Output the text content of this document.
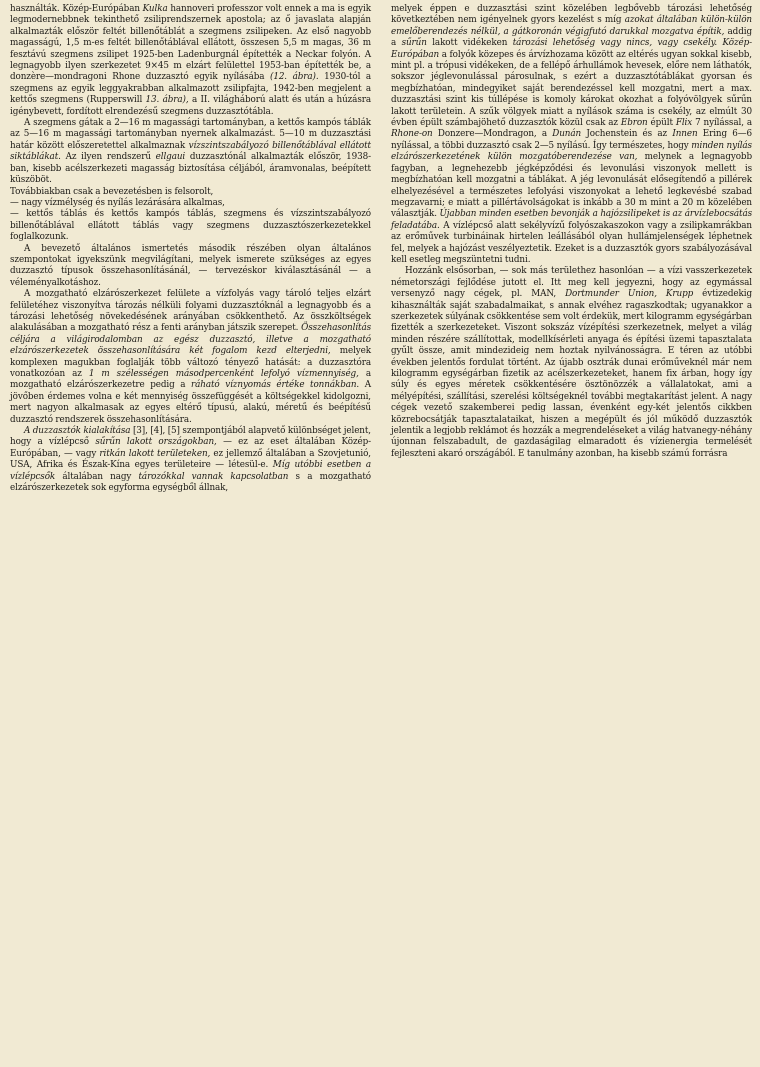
használták. Közép-Európában Kulka hannoveri professzor volt ennek a ma is egyik legmodernebbnek tekinthető zsiliprendszernek apostola; az ő javaslata alapján alkalmazták először feltét billenőtáblát a szegmens zsilipeken. Az első nagyobb magasságú, 1,5 m-es feltét billenőtáblával ellátott, összesen 5,5 m magas, 36 m fesztávú szegmens zsilipet 1925-ben Ladenburgnál építették a Neckar folyón. A legnagyobb ilyen szerkezetet 9×45 m elzárt felülettel 1953-ban építették be, a donzère—mondragoni Rhone duzzasztó egyik nyílásába (12. ábra). 1930-tól a szegmens az egyik leggyakrabban alkalmazott zsilipfajta, 1942-ben megjelent a kettős szegmens (Rupperswill 13. ábra), a II. világháború alatt és után a húzásra igénybevett, fordított elrendezésű szegmens duzzasztótábla.

A szegmens gátak a 2—16 m magassági tartományban, a kettős kampós táblák az 5—16 m magassági tartományban nyernek alkalmazást. 5—10 m duzzasztási határ között előszeretettel alkalmaznak vízszintszabályozó billenőtáblával ellátott siktáblákat. Az ilyen rendszerű ellgaui duzzasztónál alkalmazták először, 1938-ban, kisebb acélszerkezeti magasság biztosítása céljából, áramvonalas, beépített küszöböt.

Továbbiakban csak a bevezetésben is felsorolt,
— nagy vízmélység és nyílás lezárására alkalmas,
— kettős táblás és kettős kampós táblás, szegmens és vízszintszabályozó billenőtáblával ellátott táblás vagy szegmens duzzasztószerkezetekkel foglalkozunk.

A bevezető általános ismertetés második részében olyan általános szempontokat igyekszünk megvilágítani, melyek ismerete szükséges az egyes duzzasztó típusok összehasonlításánál, — tervezéskor kiválasztásánál — a véleményalkotáshoz.

A mozgatható elzárószerkezet felülete a vízfolyás vagy tároló teljes elzárt felületéhez viszonyítva tározás nélküli folyami duzzasztóknál a legnagyobb és a tározási lehetőség növekedésének arányában csökkenthető. Az összköltségek alakulásában a mozgatható rész a fenti arányban játszik szerepet. Összehasonlítás céljára a világirodalomban az egész duzzasztó, illetve a mozgatható elzárószerkezetek összehasonlítására két fogalom kezd elterjedni, melyek komplexen magukban foglalják több változó tényező hatását: a duzzasztóra vonatkozóan az 1 m szélességen másodpercenként lefolyó vízmennyiség, a mozgatható elzárószerkezetre pedig a ráható víznyomás értéke tonnákban. A jövőben érdemes volna e két mennyiség összefüggését a költségekkel kidolgozni, mert nagyon alkalmasak az egyes eltérő típusú, alakú, méretű és beépítésű duzzasztó rendszerek összehasonlítására.

A duzzasztók kialakítása [3], [4], [5] szempontjából alapvető különbséget jelent, hogy a vízlépcső sűrűn lakott országokban, — ez az eset általában Közép-Európában, — vagy ritkán lakott területeken, ez jellemző általában a Szovjetunió, USA, Afrika és Észak-Kína egyes területeire — létesül-e. Míg utóbbi esetben a vízlépcsők általában nagy tározókkal vannak kapcsolatban s a mozgatható elzárószerkezetek sok egyforma egységből állnak,

melyek éppen e duzzasztási szint közelében legbővebb tározási lehetőség következtében nem igényelnek gyors kezelést s míg azokat általában külön-külön emelőberendezés nélkül, a gátkoronán végigfutó darukkal mozgatva építik, addig a sűrűn lakott vidékeken tározási lehetőség vagy nincs, vagy csekély. Közép-Európában a folyók közepes és árvízhozama között az eltérés ugyan sokkal kisebb, mint pl. a trópusi vidékeken, de a fellépő árhullámok hevesek, előre nem láthatók, sokszor jéglevonulással párosulnak, s ezért a duzzasztótáblákat gyorsan és megbízhatóan, mindegyiket saját berendezéssel kell mozgatni, mert a max. duzzasztási szint kis túllépése is komoly károkat okozhat a folyóvölgyek sűrűn lakott területein. A szűk völgyek miatt a nyílások száma is csekély, az elmúlt 30 évben épült számbajöhető duzzasztók közül csak az Ebron épült Flix 7 nyílással, a Rhone-on Donzere—Mondragon, a Dunán Jochenstein és az Innen Ering 6—6 nyílással, a többi duzzasztó csak 2—5 nyílású. Így természetes, hogy minden nyílás elzárószerkezetének külön mozgatóberendezése van, melynek a legnagyobb fagyban, a legnehezebb jégképződési és levonulási viszonyok mellett is megbízhatóan kell mozgatni a táblákat. A jég levonulását elősegítendő a pillérek elhelyezésével a természetes lefolyási viszonyokat a lehető legkevésbé szabad megzavarni; e miatt a pillértávolságokat is inkább a 30 m mint a 20 m közelében választják. Újabban minden esetben bevonják a hajózsilipeket is az árvízlebocsátás feladatába. A vízlépcső alatt sekélyvízű folyószakaszokon vagy a zsilipkamrákban az erőművek turbináinak hirtelen leállásából olyan hullámjelenségek léphetnek fel, melyek a hajózást veszélyeztetik. Ezeket is a duzzasztók gyors szabályozásával kell esetleg megszüntetni tudni.

Hozzánk elsősorban, — sok más területhez hasonlóan — a vízi vasszerkezetek németországi fejlődése jutott el. Itt meg kell jegyezni, hogy az egymással versenyző nagy cégek, pl. MAN, Dortmunder Union, Krupp évtizedekig kihasználták saját szabadalmaikat, s annak elvéhez ragaszkodtak; ugyanakkor a szerkezetek súlyának csökkentése sem volt érdekük, mert kilogramm egységárban fizették a szerkezeteket. Viszont sokszáz vízépítési szerkezetnek, melyet a világ minden részére szállítottak, modellkísérleti anyaga és építési üzemi tapasztalata gyűlt össze, amit mindezideig nem hoztak nyilvánosságra. E téren az utóbbi években jelentős fordulat történt. Az újabb osztrák dunai erőműveknél már nem kilogramm egységárban fizetik az acélszerkezeteket, hanem fix árban, hogy így súly és egyes méretek csökkentésére ösztönözzék a vállalatokat, ami a mélyépítési, szállítási, szerelési költségeknél további megtakarítást jelent. A nagy cégek vezető szakemberei pedig lassan, évenként egy-két jelentős cikkben közrebocsátják tapasztalataikat, hiszen a megépült és jól működő duzzasztók jelentik a legjobb reklámot és hozzák a megrendeléseket a világ hatvanegy-néhány újonnan felszabadult, de gazdaságilag elmaradott és vízienergia termelését fejleszteni akaró országából. E tanulmány azonban, ha kisebb számú forrásra
